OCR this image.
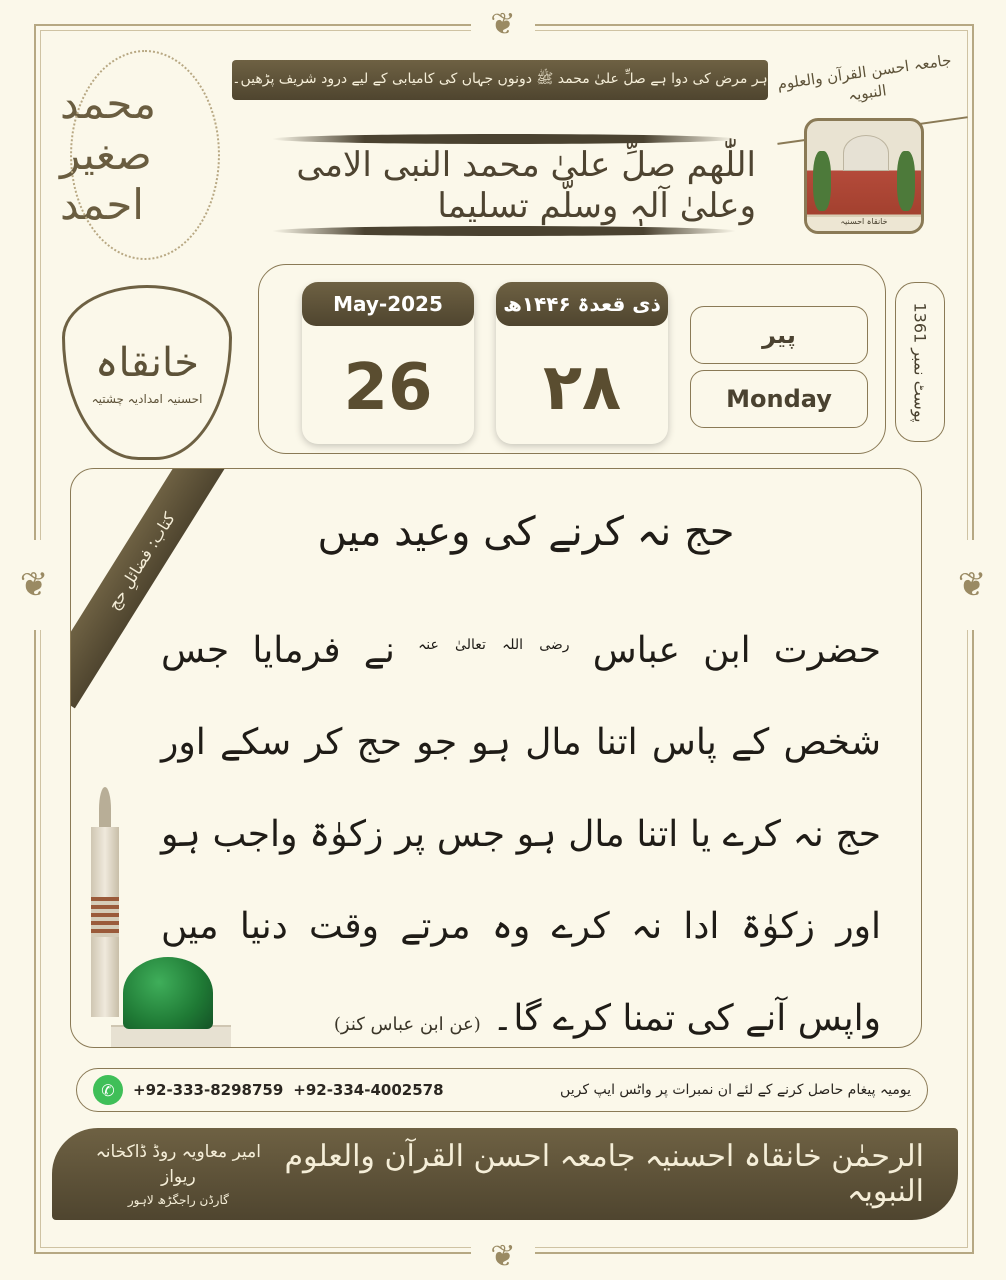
❦
❦
❦	❦
محمد صغیر احمد
ہر مرض کی دوا ہے صلِّ علیٰ محمد ﷺ دونوں جہاں کی کامیابی کے لیے درود شریف پڑھیں۔
اللّٰھم صلِّ علیٰ محمد النبی الامی وعلیٰ آلہٖ وسلّم تسلیما
جامعہ احسن القرآن والعلوم النبویہ
خانقاہ احسنیہ
خانقاہ
احسنیہ امدادیہ چشتیہ
May-2025
26
ذی قعدۃ ۱۴۴۶ھ
۲۸
پیر
Monday
پوسٹ نمبر 1361
کتاب: فضائلِ حج	حج نہ کرنے کی وعید میں
حضرت ابن عباس $^{رضی اللہ تعالیٰ عنہ}$ نے فرمایا جس شخص کے پاس اتنا مال ہو جو حج کر سکے اور حج نہ کرے یا اتنا مال ہو جس پر زکوٰۃ واجب ہو اور زکوٰۃ ادا نہ کرے وہ مرتے وقت دنیا میں واپس آنے کی تمنا کرے گا۔ (عن ابن عباس کنز)
✆	+92-333-8298759 +92-334-4002578	یومیہ پیغام حاصل کرنے کے لئے ان نمبرات پر واٹس ایپ کریں
امیر معاویہ روڈ ڈاکخانہ ریواز
گارڈن راجگڑھ لاہور
الرحمٰن خانقاہ احسنیہ جامعہ احسن القرآن والعلوم النبویہ
